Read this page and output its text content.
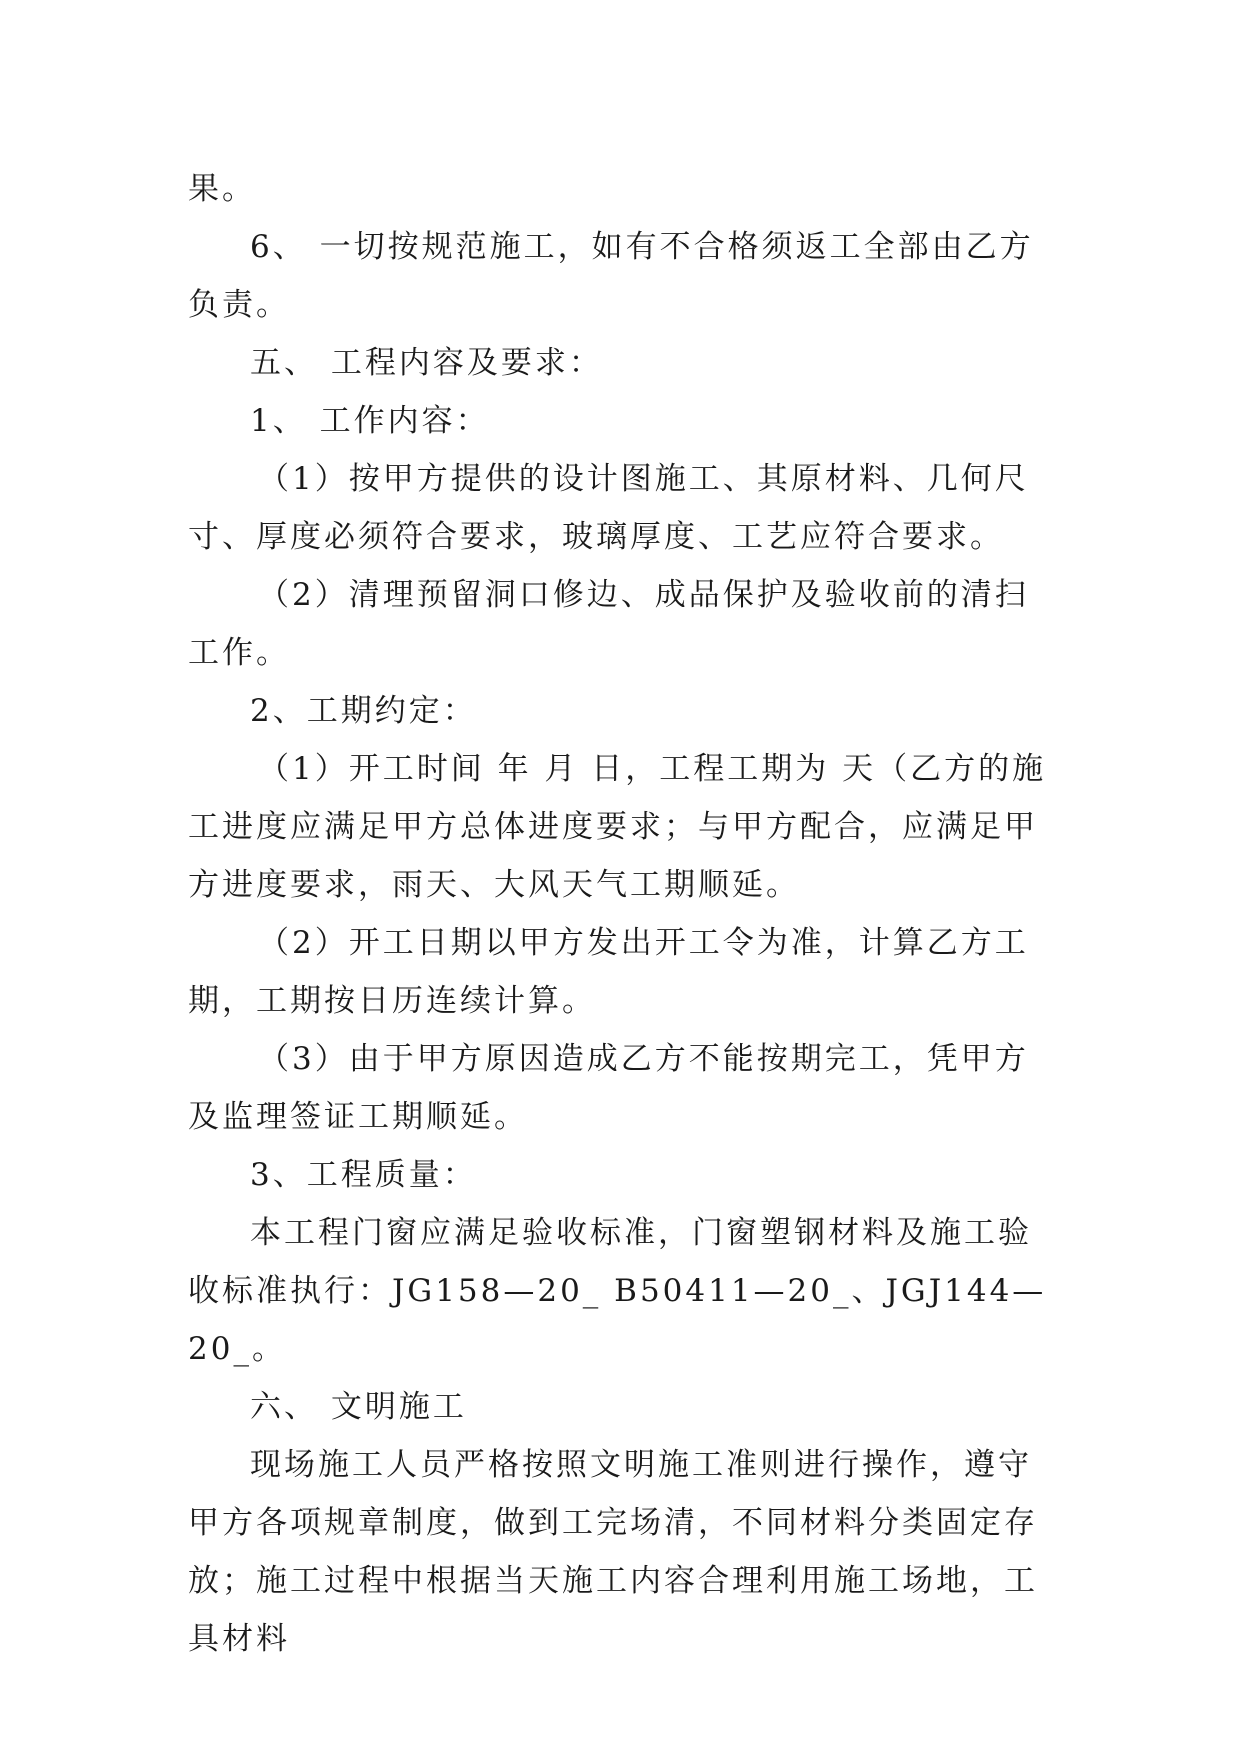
果。

6、 一切按规范施工，如有不合格须返工全部由乙方负责。

五、 工程内容及要求：

1、 工作内容：

（1）按甲方提供的设计图施工、其原材料、几何尺寸、厚度必须符合要求，玻璃厚度、工艺应符合要求。

（2）清理预留洞口修边、成品保护及验收前的清扫工作。

2、工期约定：

（1）开工时间 年 月 日，工程工期为 天（乙方的施工进度应满足甲方总体进度要求；与甲方配合，应满足甲方进度要求，雨天、大风天气工期顺延。

（2）开工日期以甲方发出开工令为准，计算乙方工期，工期按日历连续计算。

（3）由于甲方原因造成乙方不能按期完工，凭甲方及监理签证工期顺延。

3、工程质量：

本工程门窗应满足验收标准，门窗塑钢材料及施工验收标准执行：JG158—20_ B50411—20_、JGJ144—20_。

六、 文明施工

现场施工人员严格按照文明施工准则进行操作，遵守甲方各项规章制度，做到工完场清，不同材料分类固定存放；施工过程中根据当天施工内容合理利用施工场地，工具材料
